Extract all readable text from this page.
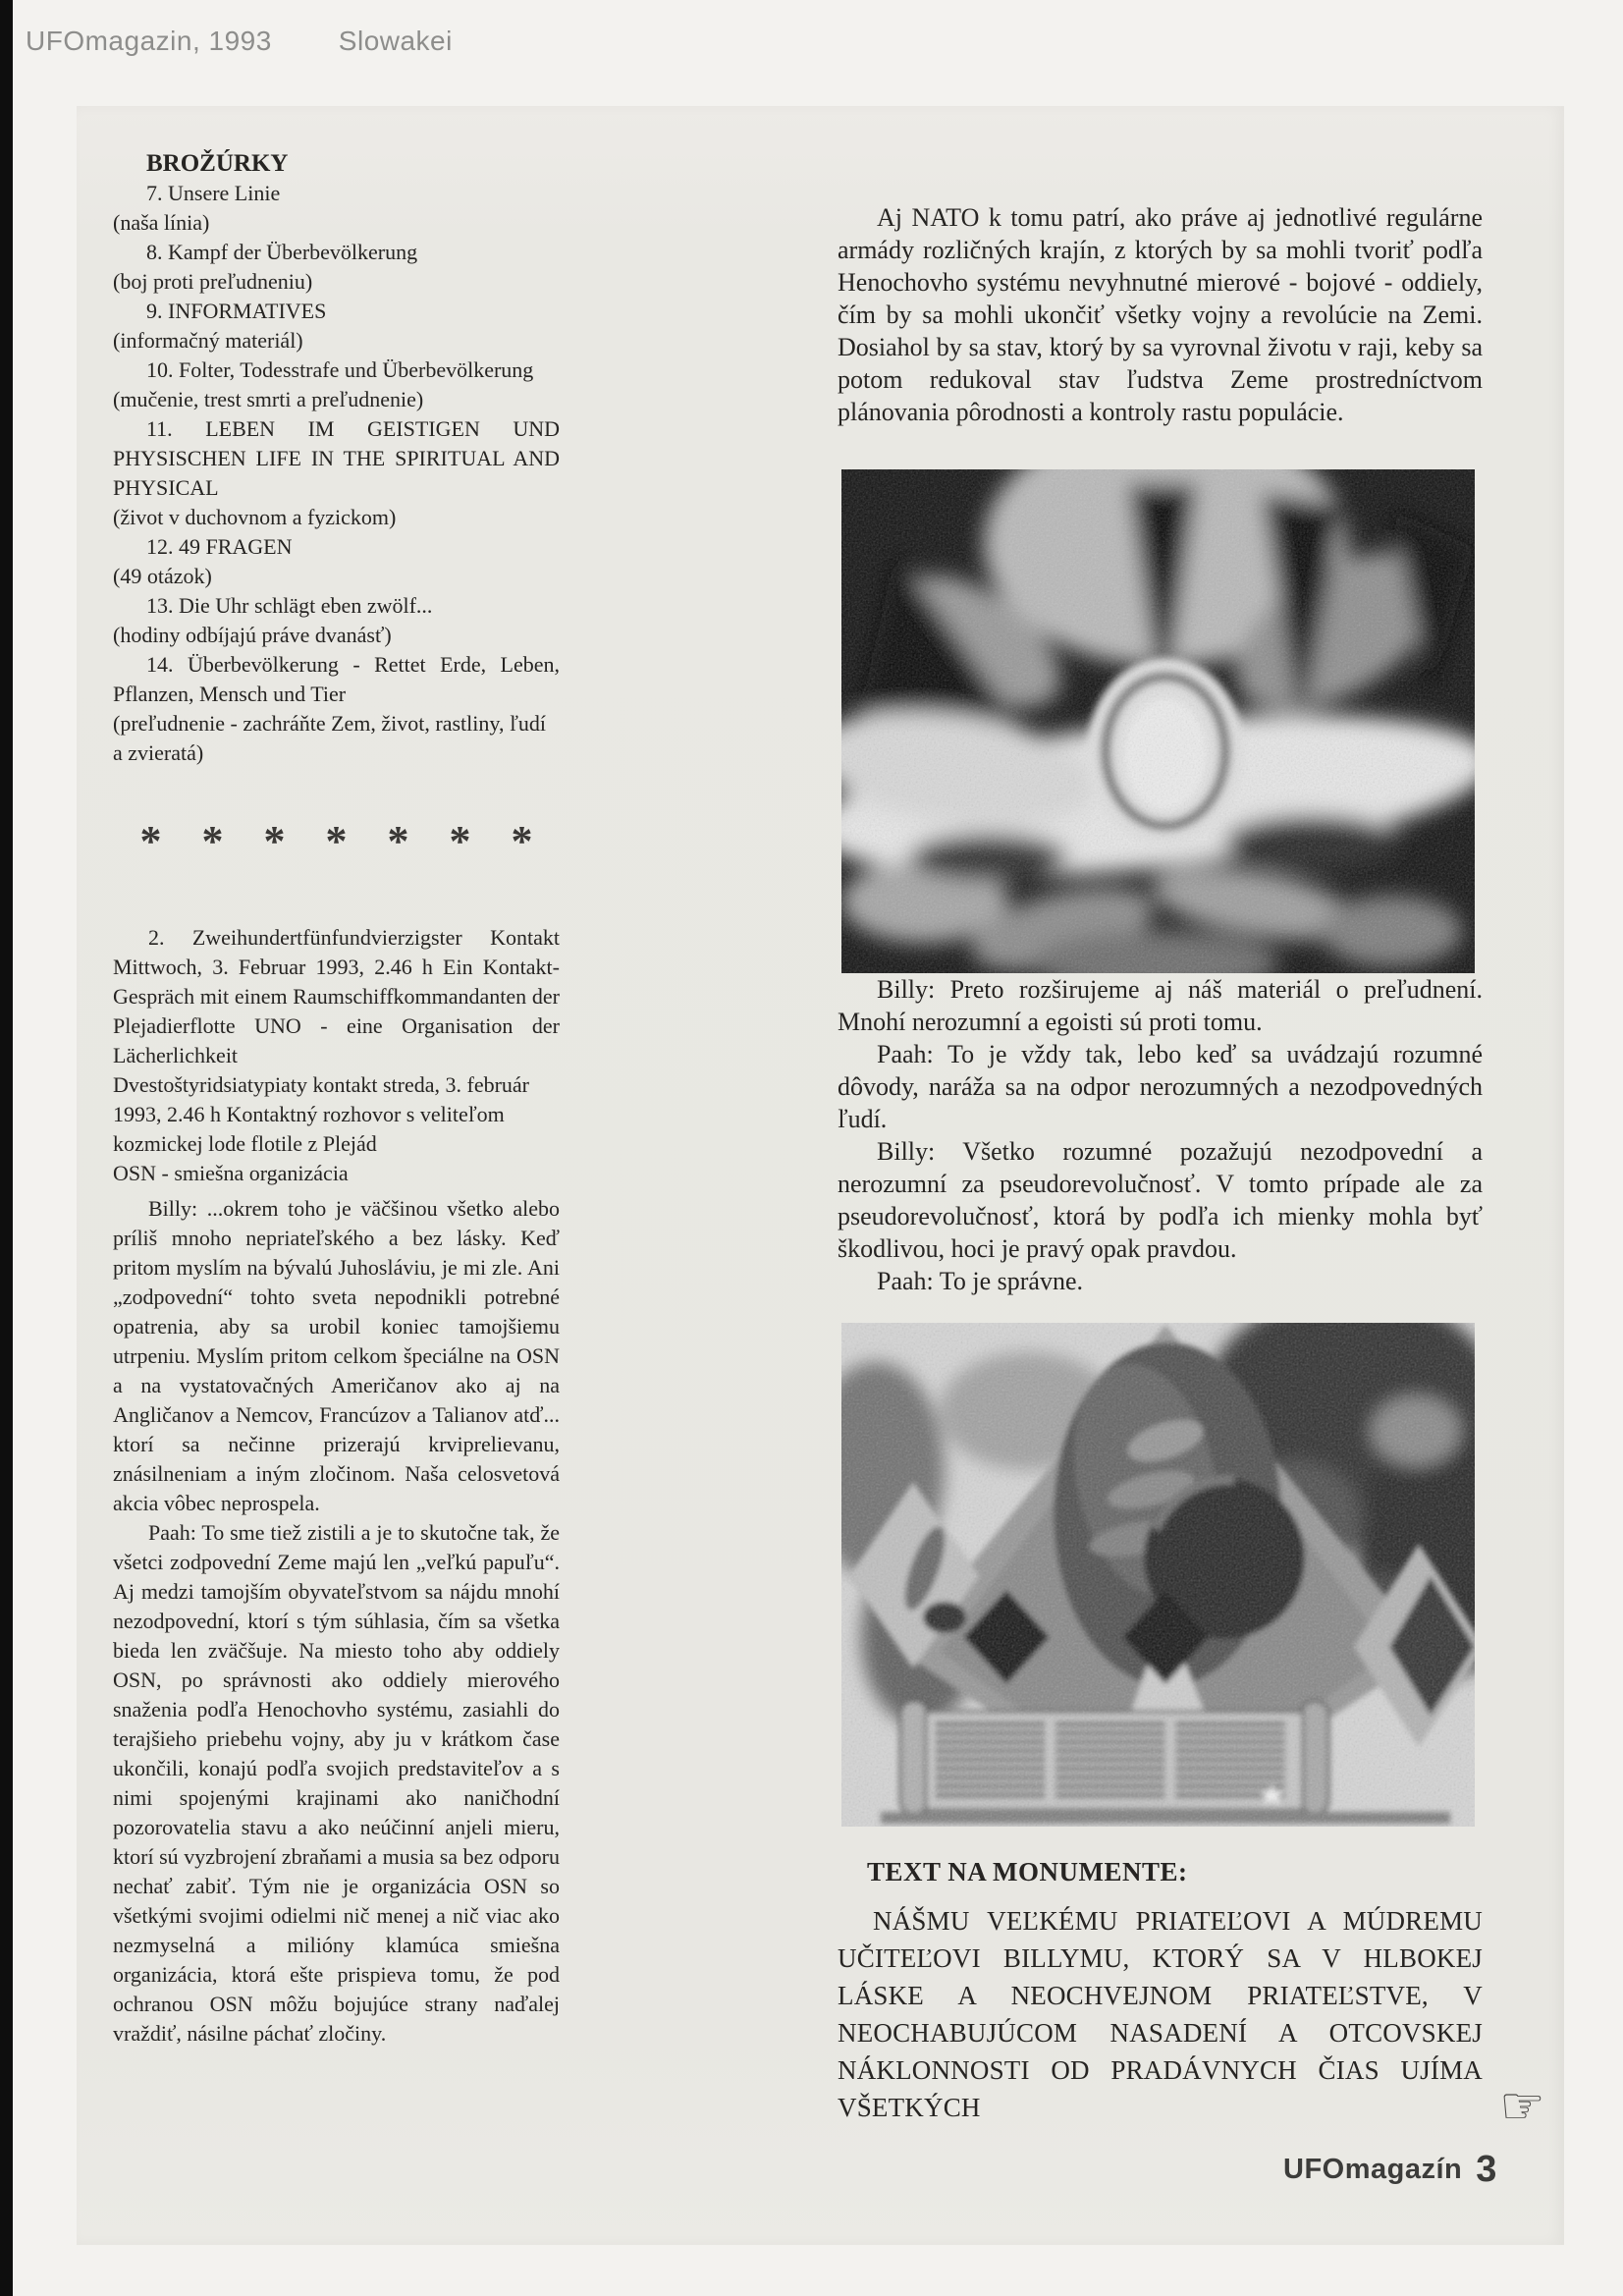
UFOmagazin, 1993 Slowakei
BROŽÚRKY

7. Unsere Linie

(naša línia)

8. Kampf der Überbevölkerung

(boj proti preľudneniu)

9. INFORMATIVES

(informačný materiál)

10. Folter, Todesstrafe und Überbevölkerung

(mučenie, trest smrti a preľudnenie)

11. LEBEN IM GEISTIGEN UND PHYSISCHEN LIFE IN THE SPIRITUAL AND PHYSICAL

(život v duchovnom a fyzickom)

12. 49 FRAGEN

(49 otázok)

13. Die Uhr schlägt eben zwölf...

(hodiny odbíjajú práve dvanásť)

14. Überbevölkerung - Rettet Erde, Leben, Pflanzen, Mensch und Tier

(preľudnenie - zachráňte Zem, život, rastliny, ľudí a zvieratá)

* * * * * * *

2. Zweihundertfünfundvierzigster Kontakt Mittwoch, 3. Februar 1993, 2.46 h Ein Kontakt-Gespräch mit einem Raumschiffkommandanten der Plejadierflotte UNO - eine Organisation der Lächerlichkeit

Dvestoštyridsiatypiaty kontakt streda, 3. február 1993, 2.46 h Kontaktný rozhovor s veliteľom kozmickej lode flotile z Plejád

OSN - smiešna organizácia

Billy: ...okrem toho je väčšinou všetko alebo príliš mnoho nepriateľského a bez lásky. Keď pritom myslím na bývalú Juhosláviu, je mi zle. Ani „zodpovední“ tohto sveta nepodnikli potrebné opatrenia, aby sa urobil koniec tamojšiemu utrpeniu. Myslím pritom celkom špeciálne na OSN a na vystatovačných Američanov ako aj na Angličanov a Nemcov, Francúzov a Talianov atď... ktorí sa nečinne prizerajú krviprelievanu, znásilneniam a iným zločinom. Naša celosvetová akcia vôbec neprospela.

Paah: To sme tiež zistili a je to skutočne tak, že všetci zodpovední Zeme majú len „veľkú papuľu“. Aj medzi tamojším obyvateľstvom sa nájdu mnohí nezodpovední, ktorí s tým súhlasia, čím sa všetka bieda len zväčšuje. Na miesto toho aby oddiely OSN, po správnosti ako oddiely mierového snaženia podľa Henochovho systému, zasiahli do terajšieho priebehu vojny, aby ju v krátkom čase ukončili, konajú podľa svojich predstaviteľov a s nimi spojenými krajinami ako naničhodní pozorovatelia stavu a ako neúčinní anjeli mieru, ktorí sú vyzbrojení zbraňami a musia sa bez odporu nechať zabiť. Tým nie je organizácia OSN so všetkými svojimi odielmi nič menej a nič viac ako nezmyselná a milióny klamúca smiešna organizácia, ktorá ešte prispieva tomu, že pod ochranou OSN môžu bojujúce strany naďalej vraždiť, násilne páchať zločiny.

Aj NATO k tomu patrí, ako práve aj jednotlivé regulárne armády rozličných krajín, z ktorých by sa mohli tvoriť podľa Henochovho systému nevyhnutné mierové - bojové - oddiely, čím by sa mohli ukončiť všetky vojny a revolúcie na Zemi. Dosiahol by sa stav, ktorý by sa vyrovnal životu v raji, keby sa potom redukoval stav ľudstva Zeme prostredníctvom plánovania pôrodnosti a kontroly rastu populácie.

Billy: Preto rozširujeme aj náš materiál o preľudnení. Mnohí nerozumní a egoisti sú proti tomu.

Paah: To je vždy tak, lebo keď sa uvádzajú rozumné dôvody, naráža sa na odpor nerozumných a nezodpovedných ľudí.

Billy: Všetko rozumné pozažujú nezodpovední a nerozumní za pseudorevolučnosť. V tomto prípade ale za pseudorevolučnosť, ktorá by podľa ich mienky mohla byť škodlivou, hoci je pravý opak pravdou.

Paah: To je správne.

TEXT NA MONUMENTE:

NÁŠMU VEĽKÉMU PRIATEĽOVI A MÚDREMU UČITEĽOVI BILLYMU, KTORÝ SA V HLBOKEJ LÁSKE A NEOCHVEJNOM PRIATEĽSTVE, V NEOCHABUJÚCOM NASADENÍ A OTCOVSKEJ NÁKLONNOSTI OD PRADÁVNYCH ČIAS UJÍMA VŠETKÝCH	☞

UFOmagazín 3
